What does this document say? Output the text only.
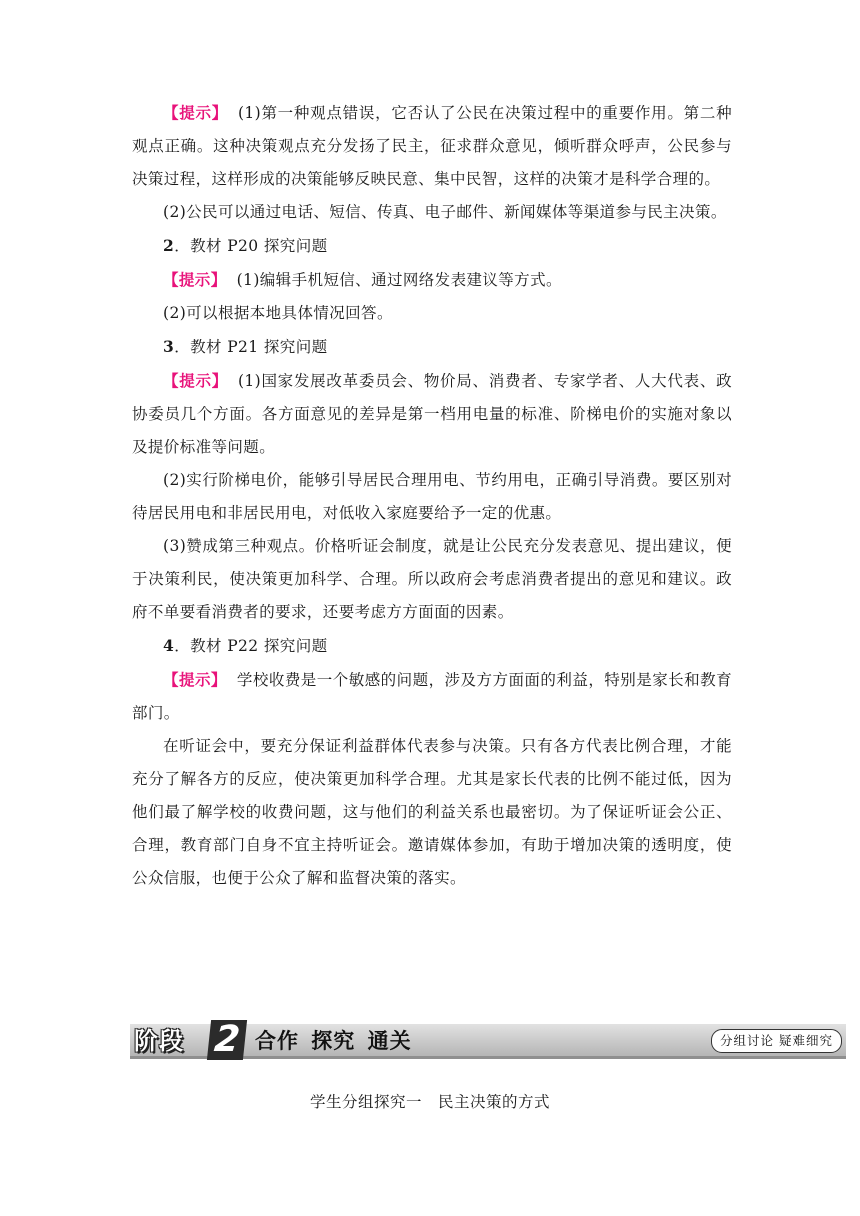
【提示】 (1)第一种观点错误，它否认了公民在决策过程中的重要作用。第二种观点正确。这种决策观点充分发扬了民主，征求群众意见，倾听群众呼声，公民参与决策过程，这样形成的决策能够反映民意、集中民智，这样的决策才是科学合理的。

(2)公民可以通过电话、短信、传真、电子邮件、新闻媒体等渠道参与民主决策。

2．教材 P20 探究问题

【提示】 (1)编辑手机短信、通过网络发表建议等方式。

(2)可以根据本地具体情况回答。

3．教材 P21 探究问题

【提示】 (1)国家发展改革委员会、物价局、消费者、专家学者、人大代表、政协委员几个方面。各方面意见的差异是第一档用电量的标准、阶梯电价的实施对象以及提价标准等问题。

(2)实行阶梯电价，能够引导居民合理用电、节约用电，正确引导消费。要区别对待居民用电和非居民用电，对低收入家庭要给予一定的优惠。

(3)赞成第三种观点。价格听证会制度，就是让公民充分发表意见、提出建议，便于决策利民，使决策更加科学、合理。所以政府会考虑消费者提出的意见和建议。政府不单要看消费者的要求，还要考虑方方面面的因素。

4．教材 P22 探究问题

【提示】 学校收费是一个敏感的问题，涉及方方面面的利益，特别是家长和教育部门。

在听证会中，要充分保证利益群体代表参与决策。只有各方代表比例合理，才能充分了解各方的反应，使决策更加科学合理。尤其是家长代表的比例不能过低，因为他们最了解学校的收费问题，这与他们的利益关系也最密切。为了保证听证会公正、合理，教育部门自身不宜主持听证会。邀请媒体参加，有助于增加决策的透明度，使公众信服，也便于公众了解和监督决策的落实。

阶段 2 合作 探究 通关	分组讨论 疑难细究
学生分组探究一　民主决策的方式
